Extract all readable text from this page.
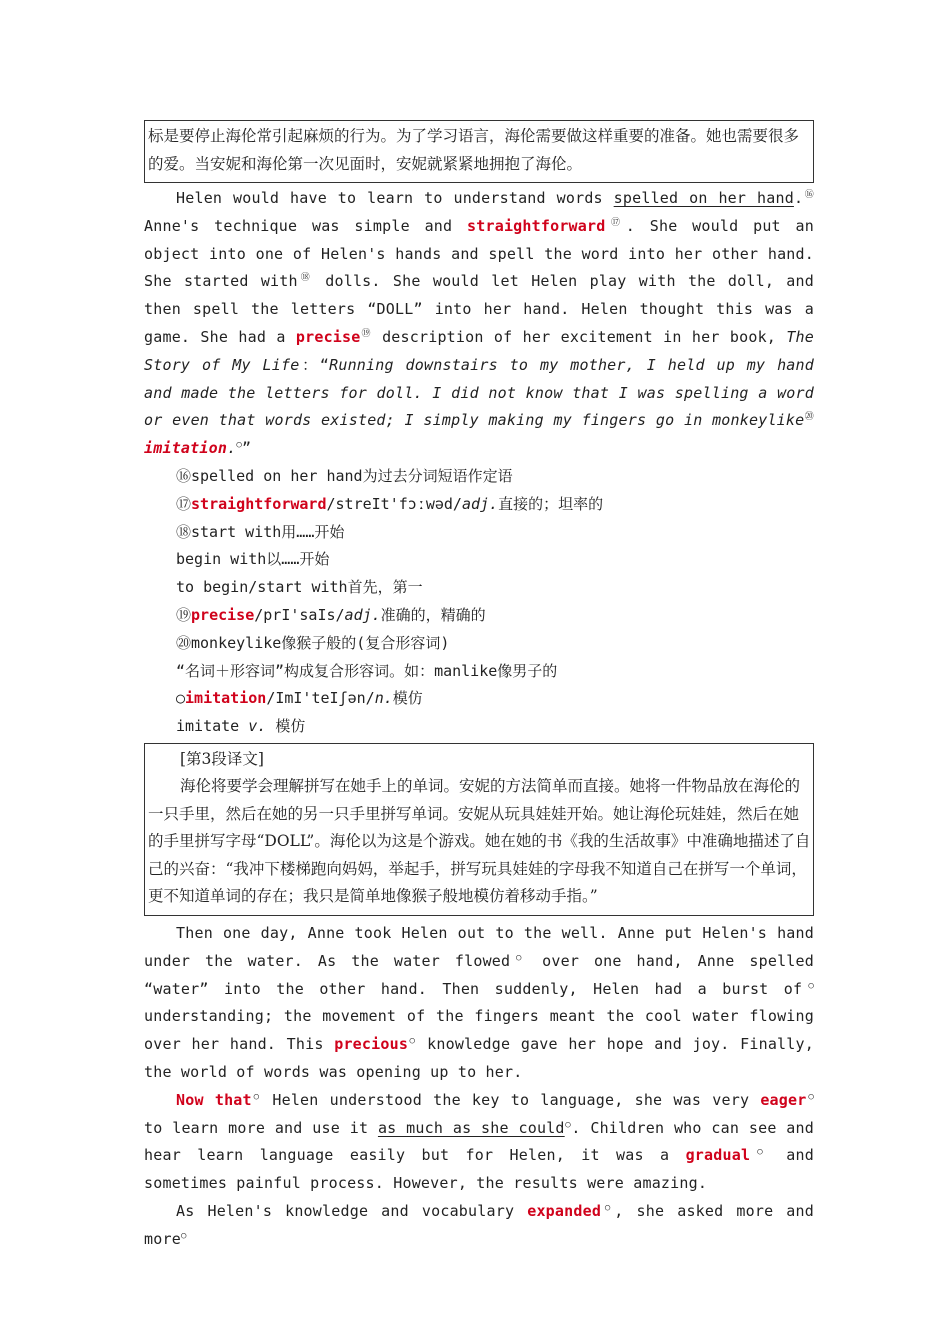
标是要停止海伦常引起麻烦的行为。为了学习语言，海伦需要做这样重要的准备。她也需要很多的爱。当安妮和海伦第一次见面时，安妮就紧紧地拥抱了海伦。
Helen would have to learn to understand words spelled on her hand.⑯ Anne's technique was simple and straightforward⑰. She would put an object into one of Helen's hands and spell the word into her other hand. She started with⑱ dolls. She would let Helen play with the doll, and then spell the letters “DOLL” into her hand. Helen thought this was a game. She had a precise⑲ description of her excitement in her book, The Story of My Life：“Running downstairs to my mother, I held up my hand and made the letters for doll. I did not know that I was spelling a word or even that words existed; I simply making my fingers go in monkeylike⑳ imitation.○”
⑯spelled on her hand为过去分词短语作定语
⑰straightforward/streIt'fɔːwəd/adj.直接的；坦率的
⑱start with用……开始
begin with以……开始
to begin/start with首先，第一
⑲precise/prI'saIs/adj.准确的，精确的
⑳monkeylike像猴子般的(复合形容词)
“名词＋形容词”构成复合形容词。如：manlike像男子的
○imitation/ImI'teIʃən/n.模仿
imitate v. 模仿
[第3段译文]
海伦将要学会理解拼写在她手上的单词。安妮的方法简单而直接。她将一件物品放在海伦的一只手里，然后在她的另一只手里拼写单词。安妮从玩具娃娃开始。她让海伦玩娃娃，然后在她的手里拼写字母“DOLL”。海伦以为这是个游戏。她在她的书《我的生活故事》中准确地描述了自己的兴奋：“我冲下楼梯跑向妈妈，举起手，拼写玩具娃娃的字母我不知道自己在拼写一个单词，更不知道单词的存在；我只是简单地像猴子般地模仿着移动手指。”
Then one day, Anne took Helen out to the well. Anne put Helen's hand under the water. As the water flowed○ over one hand, Anne spelled “water” into the other hand. Then suddenly, Helen had a burst of○ understanding; the movement of the fingers meant the cool water flowing over her hand. This precious○ knowledge gave her hope and joy. Finally, the world of words was opening up to her.
Now that○ Helen understood the key to language, she was very eager○ to learn more and use it as much as she could○. Children who can see and hear learn language easily but for Helen, it was a gradual○ and sometimes painful process. However, the results were amazing.
As Helen's knowledge and vocabulary expanded○, she asked more and more○
